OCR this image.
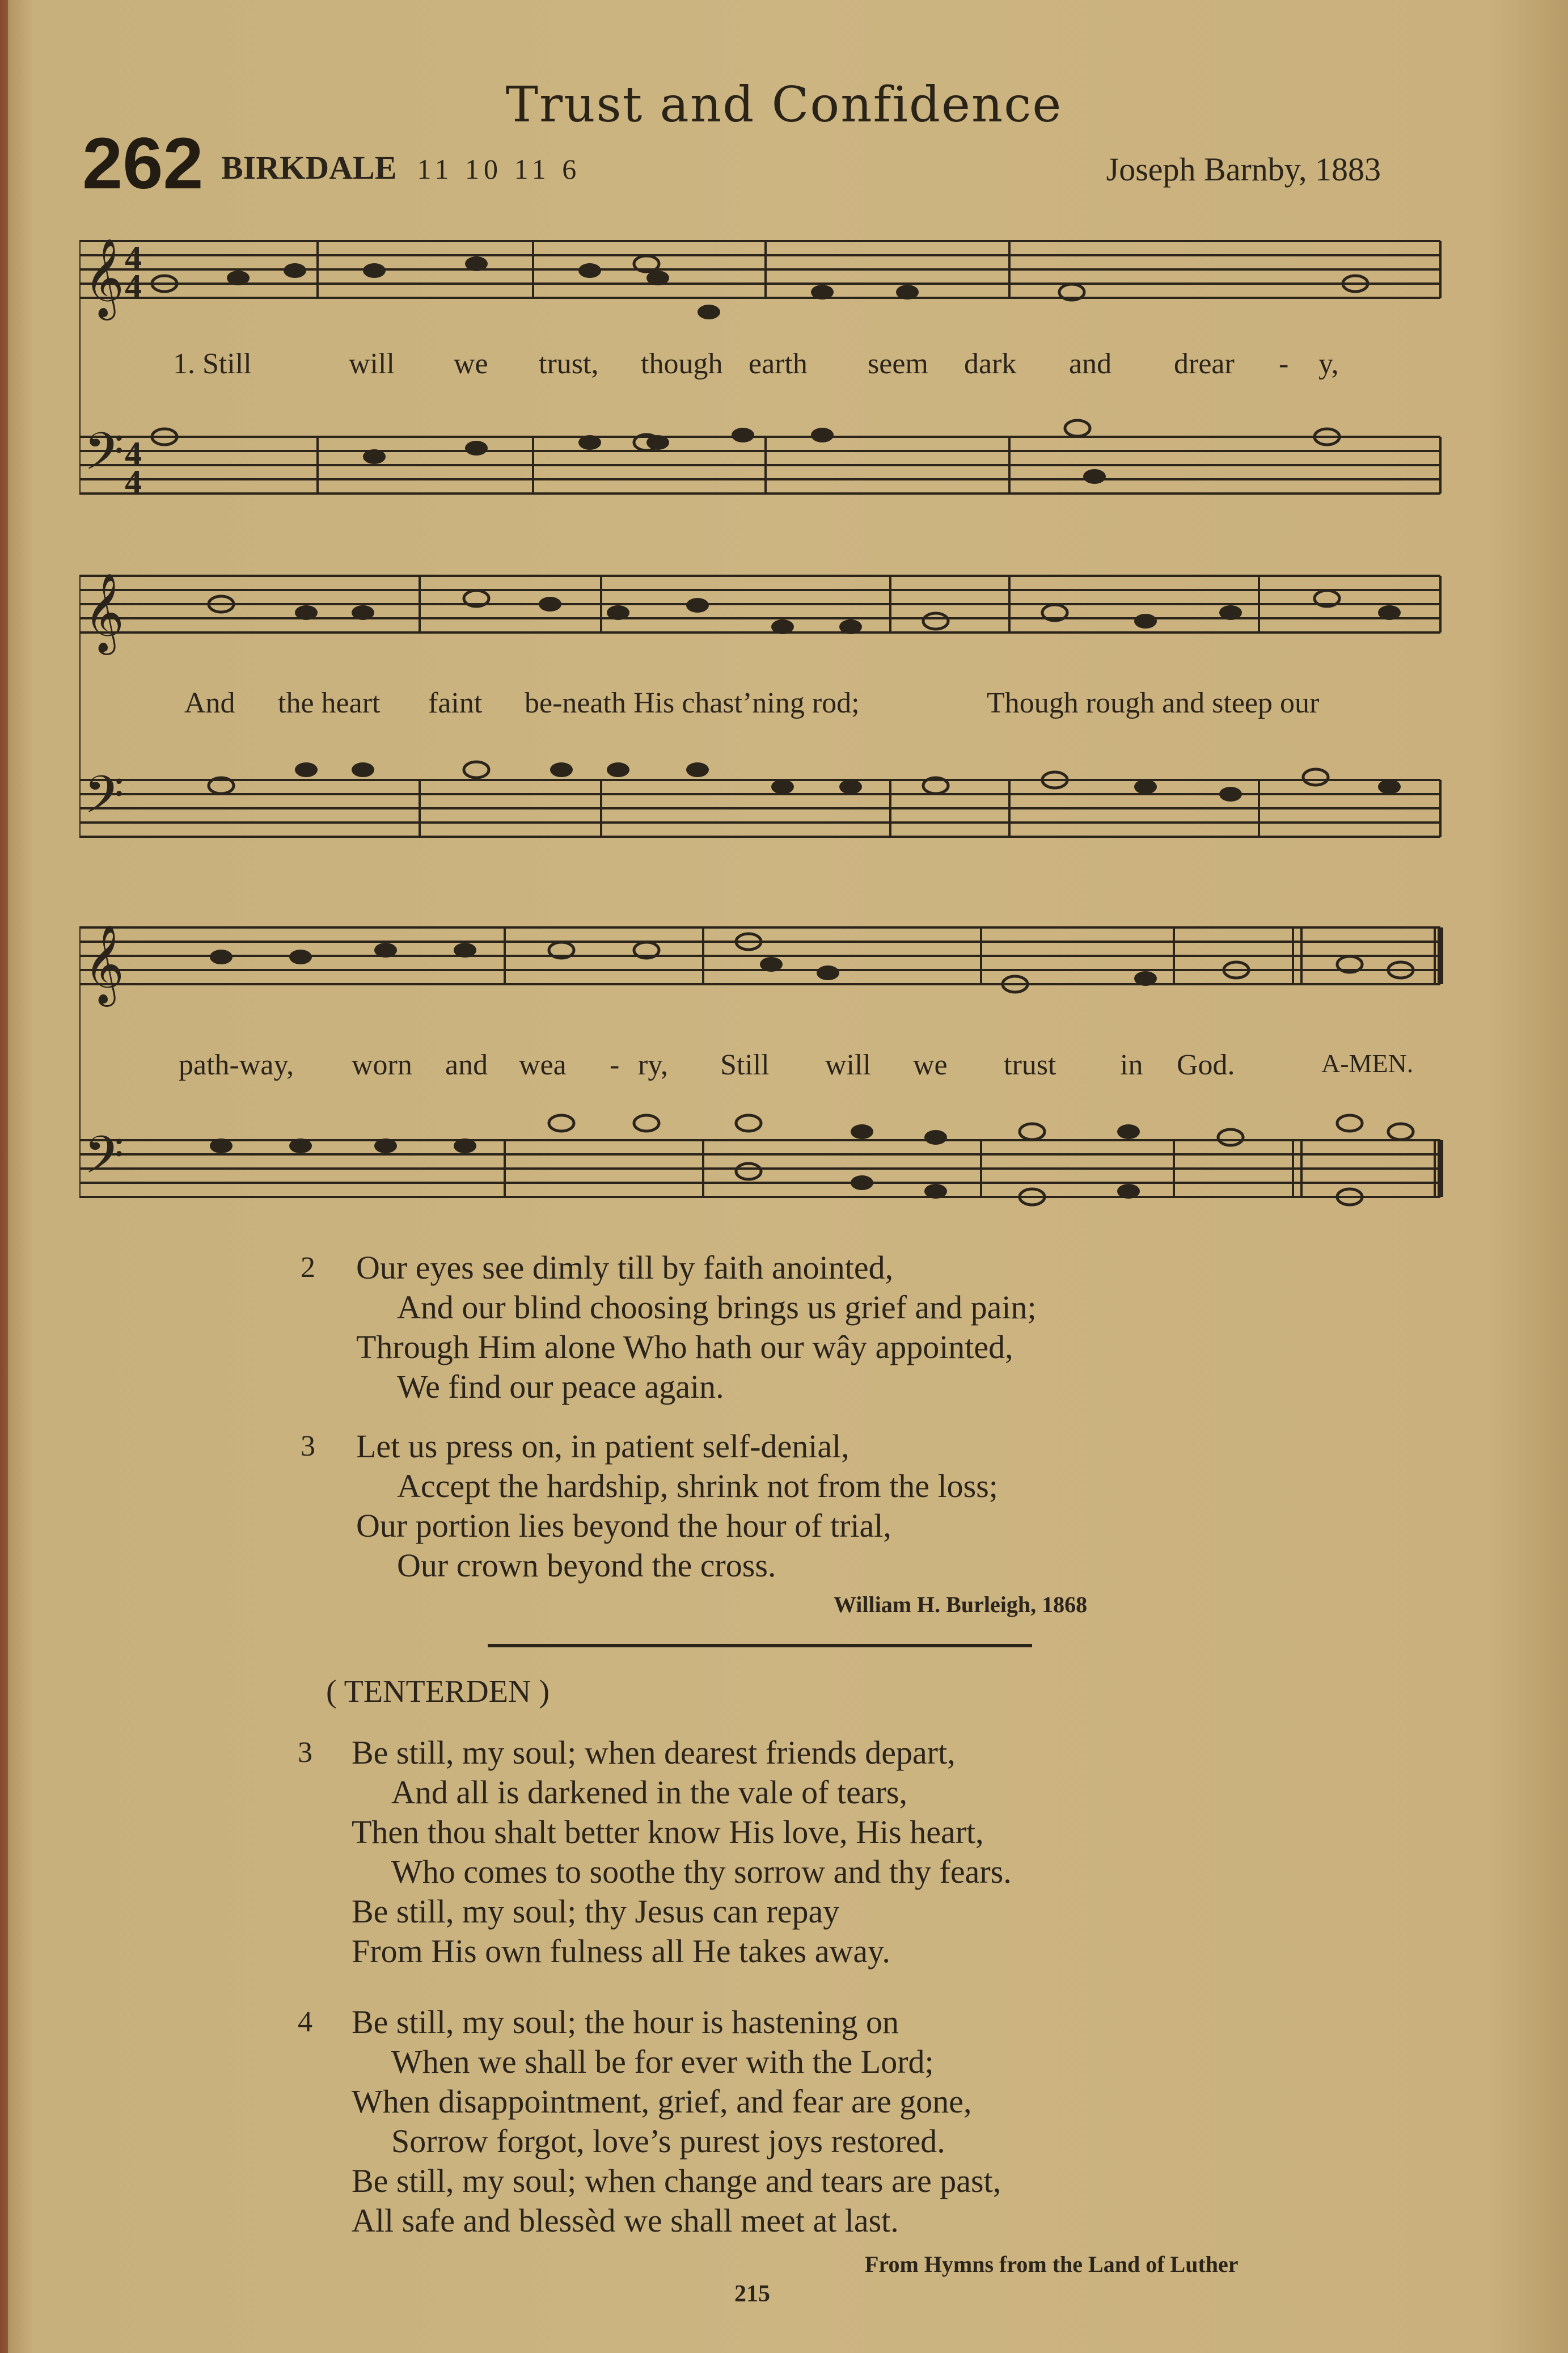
Trust and Confidence
262 BIRKDALE 11 10 11 6	Joseph Barnby, 1883
𝄞
𝄢
4
4
4
4
1. Still	will we trust, though earth seem dark and drear - y,
𝄞
𝄢
And the heart faint be-neath His chast’ning rod;	Though rough and steep our
𝄞
𝄢
path-way, worn and wea - ry, Still will we trust in God.	A-MEN.
2	Our eyes see dimly till by faith anointed,
And our blind choosing brings us grief and pain;
Through Him alone Who hath our wây appointed,
We find our peace again.
3	Let us press on, in patient self-denial,
Accept the hardship, shrink not from the loss;
Our portion lies beyond the hour of trial,
Our crown beyond the cross.
William H. Burleigh, 1868
( TENTERDEN )
3	Be still, my soul; when dearest friends depart,
And all is darkened in the vale of tears,
Then thou shalt better know His love, His heart,
Who comes to soothe thy sorrow and thy fears.
Be still, my soul; thy Jesus can repay
From His own fulness all He takes away.
4	Be still, my soul; the hour is hastening on
When we shall be for ever with the Lord;
When disappointment, grief, and fear are gone,
Sorrow forgot, love’s purest joys restored.
Be still, my soul; when change and tears are past,
All safe and blessèd we shall meet at last.
From Hymns from the Land of Luther
215
